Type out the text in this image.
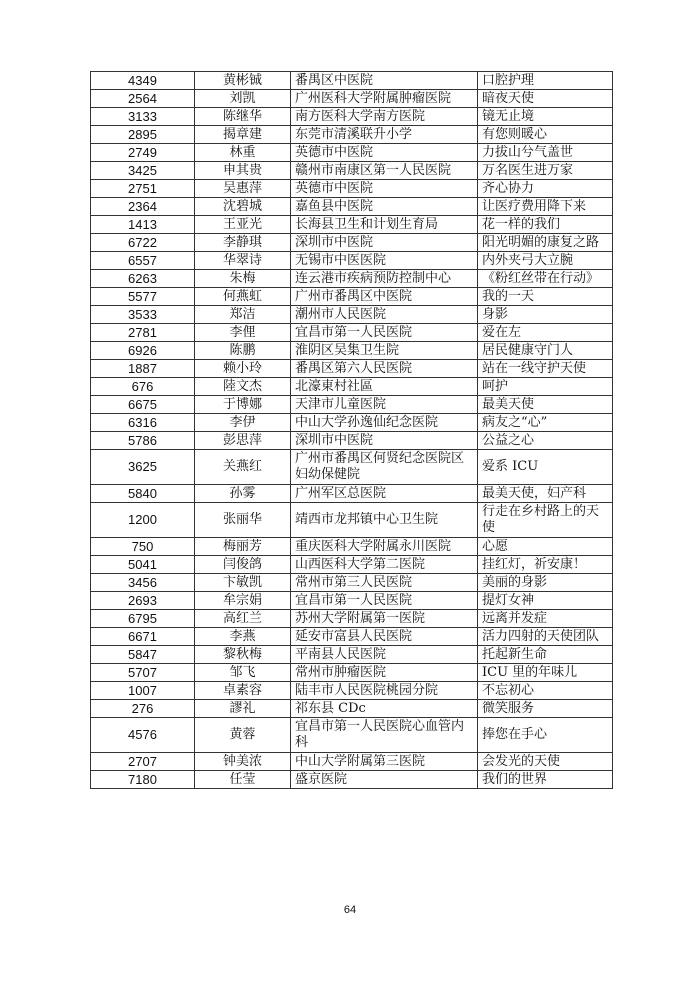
4349	黄彬铖	番禺区中医院	口腔护理
2564	刘凯	广州医科大学附属肿瘤医院	暗夜天使
3133	陈继华	南方医科大学南方医院	镜无止境
2895	揭章建	东莞市清溪联升小学	有您则暖心
2749	林重	英德市中医院	力拔山兮气盖世
3425	申其贵	赣州市南康区第一人民医院	万名医生进万家
2751	吴惠萍	英德市中医院	齐心协力
2364	沈碧城	嘉鱼县中医院	让医疗费用降下来
1413	王亚光	长海县卫生和计划生育局	花一样的我们
6722	李静琪	深圳市中医院	阳光明媚的康复之路
6557	华翠诗	无锡市中医医院	内外夹弓大立腕
6263	朱梅	连云港市疾病预防控制中心	《粉红丝带在行动》
5577	何燕虹	广州市番禺区中医院	我的一天
3533	郑洁	潮州市人民医院	身影
2781	李俚	宜昌市第一人民医院	爱在左
6926	陈鹏	淮阴区吴集卫生院	居民健康守门人
1887	赖小玲	番禺区第六人民医院	站在一线守护天使
676	陸文杰	北濠東村社區	呵护
6675	于博娜	天津市儿童医院	最美天使
6316	李伊	中山大学孙逸仙纪念医院	病友之“心”
5786	彭思萍	深圳市中医院	公益之心
3625	关燕红	广州市番禺区何贤纪念医院区妇幼保健院	爱系 ICU
5840	孙雾	广州军区总医院	最美天使，妇产科
1200	张丽华	靖西市龙邦镇中心卫生院	行走在乡村路上的天使
750	梅丽芳	重庆医科大学附属永川医院	心愿
5041	闫俊鸽	山西医科大学第二医院	挂红灯，祈安康！
3456	卞敏凯	常州市第三人民医院	美丽的身影
2693	牟宗娟	宜昌市第一人民医院	提灯女神
6795	高红兰	苏州大学附属第一医院	远离并发症
6671	李燕	延安市富县人民医院	活力四射的天使团队
5847	黎秋梅	平南县人民医院	托起新生命
5707	邹飞	常州市肿瘤医院	ICU 里的年味儿
1007	卓素容	陆丰市人民医院桃园分院	不忘初心
276	謬礼	祁东县 CDc	微笑服务
4576	黄蓉	宜昌市第一人民医院心血管内科	捧您在手心
2707	钟美浓	中山大学附属第三医院	会发光的天使
7180	任莹	盛京医院	我们的世界
64
